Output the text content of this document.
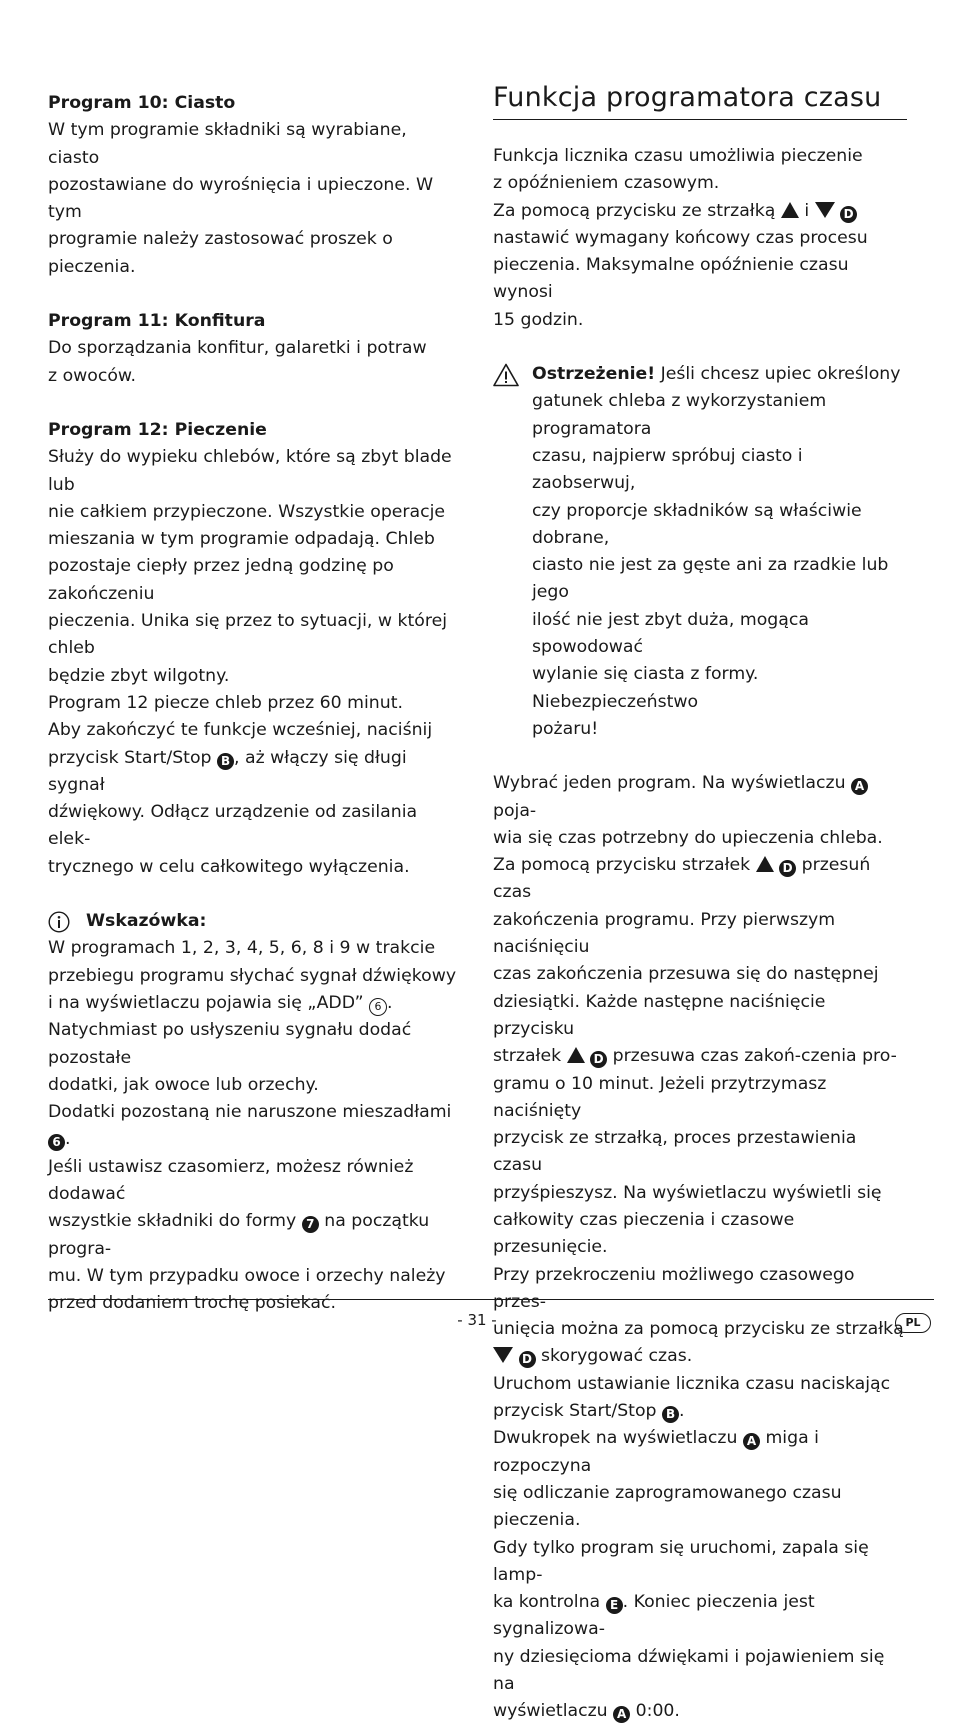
Program 10: Ciasto

W tym programie składniki są wyrabiane, ciasto

pozostawiane do wyrośnięcia i upieczone. W tym

programie należy zastosować proszek o pieczenia.

Program 11: Konfitura

Do sporządzania konfitur, galaretki i potraw

z owoców.

Program 12: Pieczenie

Służy do wypieku chlebów, które są zbyt blade lub

nie całkiem przypieczone. Wszystkie operacje

mieszania w tym programie odpadają. Chleb

pozostaje ciepły przez jedną godzinę po zakończeniu

pieczenia. Unika się przez to sytuacji, w której chleb

będzie zbyt wilgotny.

Program 12 piecze chleb przez 60 minut.

Aby zakończyć te funkcje wcześniej, naciśnij

przycisk Start/Stop B , aż włączy się długi sygnał

dźwiękowy. Odłącz urządzenie od zasilania elek-

trycznego w celu całkowitego wyłączenia.

Wskazówka:

W programach 1, 2, 3, 4, 5, 6, 8 i 9 w trakcie

przebiegu programu słychać sygnał dźwiękowy

i na wyświetlaczu pojawia się „ADD” 6 .

Natychmiast po usłyszeniu sygnału dodać pozostałe

dodatki, jak owoce lub orzechy.

Dodatki pozostaną nie naruszone mieszadłami 6 .

Jeśli ustawisz czasomierz, możesz również dodawać

wszystkie składniki do formy 7 na początku progra-

mu. W tym przypadku owoce i orzechy należy

przed dodaniem trochę posiekać.

Funkcja programatora czasu

Funkcja licznika czasu umożliwia pieczenie

z opóźnieniem czasowym.

Za pomocą przycisku ze strzałką i	D

nastawić wymagany końcowy czas procesu

pieczenia. Maksymalne opóźnienie czasu wynosi

15 godzin.

Ostrzeżenie! Jeśli chcesz upiec określony

gatunek chleba z wykorzystaniem programatora

czasu, najpierw spróbuj ciasto i zaobserwuj,

czy proporcje składników są właściwie dobrane,

ciasto nie jest za gęste ani za rzadkie lub jego

ilość nie jest zbyt duża, mogąca spowodować

wylanie się ciasta z formy. Niebezpieczeństwo

pożaru!

Wybrać jeden program. Na wyświetlaczu A poja-

wia się czas potrzebny do upieczenia chleba.

Za pomocą przycisku strzałek	D przesuń czas

zakończenia programu. Przy pierwszym naciśnięciu

czas zakończenia przesuwa się do następnej

dziesiątki. Każde następne naciśnięcie przycisku

strzałek	D przesuwa czas zakoń-czenia pro-

gramu o 10 minut. Jeżeli przytrzymasz naciśnięty

przycisk ze strzałką, proces przestawienia czasu

przyśpieszysz. Na wyświetlaczu wyświetli się

całkowity czas pieczenia i czasowe przesunięcie.

Przy przekroczeniu możliwego czasowego przes-

unięcia można za pomocą przycisku ze strzałką

D skorygować czas.

Uruchom ustawianie licznika czasu naciskając

przycisk Start/Stop B .

Dwukropek na wyświetlaczu A miga i rozpoczyna

się odliczanie zaprogramowanego czasu pieczenia.

Gdy tylko program się uruchomi, zapala się lamp-

ka kontrolna E . Koniec pieczenia jest sygnalizowa-

ny dziesięcioma dźwiękami i pojawieniem się na

wyświetlaczu A 0:00.

- 31 -	PL
